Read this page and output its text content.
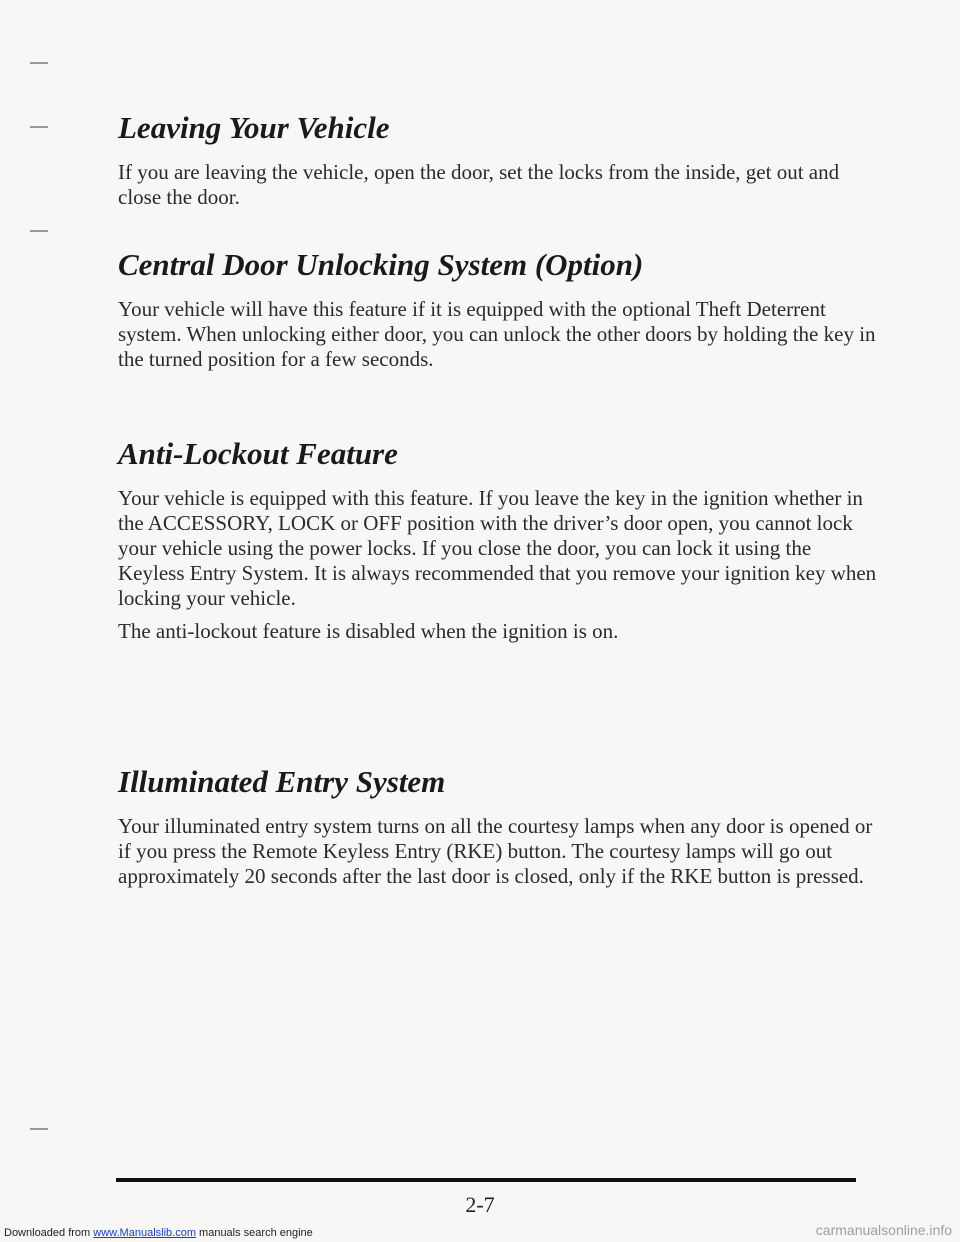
Leaving Your Vehicle

If you are leaving the vehicle, open the door, set the locks from the inside, get out and close the door.

Central Door Unlocking System (Option)

Your vehicle will have this feature if it is equipped with the optional Theft Deterrent system. When unlocking either door, you can unlock the other doors by holding the key in the turned position for a few seconds.

Anti-Lockout Feature

Your vehicle is equipped with this feature. If you leave the key in the ignition whether in the ACCESSORY, LOCK or OFF position with the driver’s door open, you cannot lock your vehicle using the power locks. If you close the door, you can lock it using the Keyless Entry System. It is always recommended that you remove your ignition key when locking your vehicle.

The anti-lockout feature is disabled when the ignition is on.

Illuminated Entry System

Your illuminated entry system turns on all the courtesy lamps when any door is opened or if you press the Remote Keyless Entry (RKE) button. The courtesy lamps will go out approximately 20 seconds after the last door is closed, only if the RKE button is pressed.

2-7
Downloaded from www.Manualslib.com manuals search engine	carmanualsonline.info
